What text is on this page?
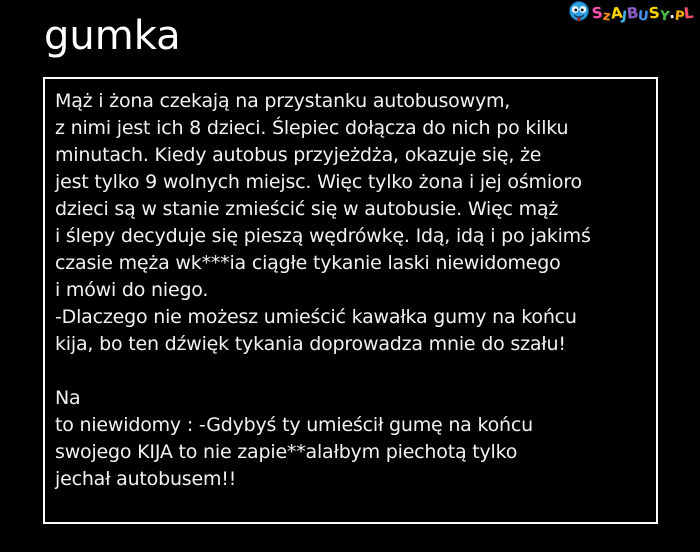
gumka
S
z
A
J
B
U
S
Y
.
P
L
Mąż i żona czekają na przystanku autobusowym,
z nimi jest ich 8 dzieci. Ślepiec dołącza do nich po kilku
minutach. Kiedy autobus przyjeżdża, okazuje się, że
jest tylko 9 wolnych miejsc. Więc tylko żona i jej ośmioro
dzieci są w stanie zmieścić się w autobusie. Więc mąż
i ślepy decyduje się pieszą wędrówkę. Idą, idą i po jakimś
czasie męża wk***ia ciągłe tykanie laski niewidomego
i mówi do niego.
-Dlaczego nie możesz umieścić kawałka gumy na końcu
kija, bo ten dźwięk tykania doprowadza mnie do szału!
Na
to niewidomy : -Gdybyś ty umieścił gumę na końcu
swojego KIJA to nie zapie**alałbym piechotą tylko
jechał autobusem!!
